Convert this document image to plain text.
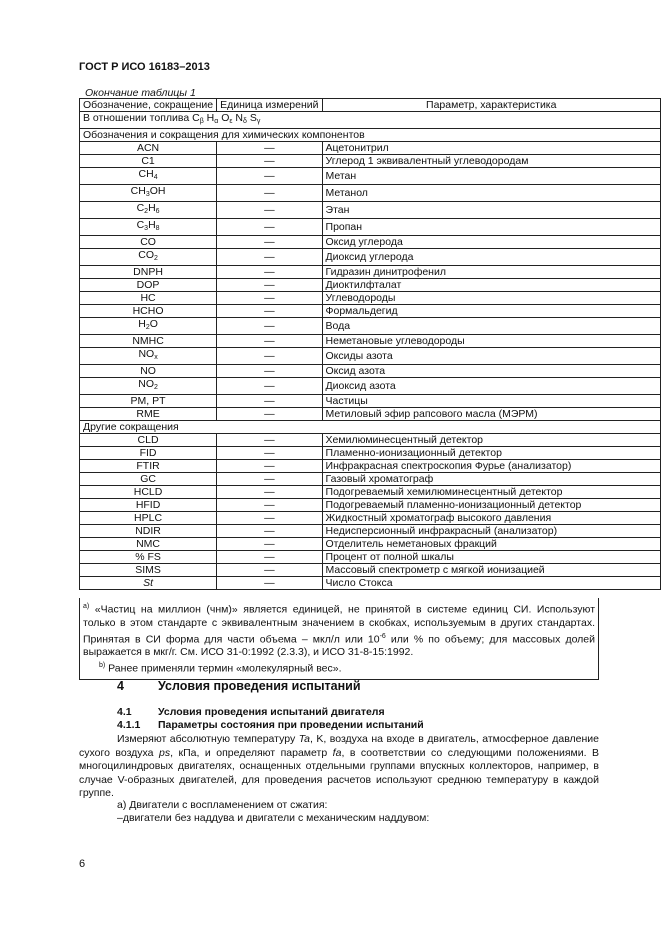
ГОСТ Р ИСО 16183–2013
Окончание таблицы 1
Обозначение, сокращение	Единица измерений	Параметр, характеристика
В отношении топлива $C_\beta$ $H_\alpha$ $O_\varepsilon$ $N_\delta$ $S_\gamma$
Обозначения и сокращения для химических компонентов		
ACN	—	Ацетонитрил
C1	—	Углерод 1 эквивалентный углеводородам
$CH_4$	—	Метан
$CH_3OH$	—	Метанол
$C_2H_6$	—	Этан
$C_3H_8$	—	Пропан
CO	—	Оксид углерода
$CO_2$	—	Диоксид углерода
DNPH	—	Гидразин динитрофенил
DOP	—	Диоктилфталат
HC	—	Углеводороды
HCHO	—	Формальдегид
$H_2O$	—	Вода
NMHC	—	Неметановые углеводороды
$NO_x$	—	Оксиды азота
NO	—	Оксид азота
$NO_2$	—	Диоксид азота
PM, PT	—	Частицы
RME	—	Метиловый эфир рапсового масла (МЭРМ)
Другие сокращения		
CLD	—	Хемилюминесцентный детектор
FID	—	Пламенно-ионизационный детектор
FTIR	—	Инфракрасная спектроскопия Фурье (анализатор)
GC	—	Газовый хроматограф
HCLD	—	Подогреваемый хемилюминесцентный детектор
HFID	—	Подогреваемый пламенно-ионизационный детектор
HPLC	—	Жидкостный хроматограф высокого давления
NDIR	—	Недисперсионный инфракрасный (анализатор)
NMC	—	Отделитель неметановых фракций
% FS	—	Процент от полной шкалы
SIMS	—	Массовый спектрометр с мягкой ионизацией
St	—	Число Стокса

$^{a)}$ «Частиц на миллион (чнм)» является единицей, не принятой в системе единиц СИ. Используют только в этом стандарте с эквивалентным значением в скобках, используемым в других стандартах. Принятая в СИ форма для части объема – мкл/л или $10^{-6}$ или % по объему; для массовых долей выражается в мкг/г. См. ИСО 31-0:1992 (2.3.3), и ИСО 31-8-15:1992.

$^{b)}$ Ранее применяли термин «молекулярный вес».

4	Условия проведения испытаний
4.1	Условия проведения испытаний двигателя
4.1.1 Параметры состояния при проведении испытаний
Измеряют абсолютную температуру Ta, K, воздуха на входе в двигатель, атмосферное давление сухого воздуха ps, кПа, и определяют параметр fa, в соответствии со следующими положениями. В многоцилиндровых двигателях, оснащенных отдельными группами впускных коллекторов, например, в случае V-образных двигателей, для проведения расчетов используют среднюю температуру в каждой группе.
а) Двигатели с воспламенением от сжатия:
–двигатели без наддува и двигатели с механическим наддувом:
6
